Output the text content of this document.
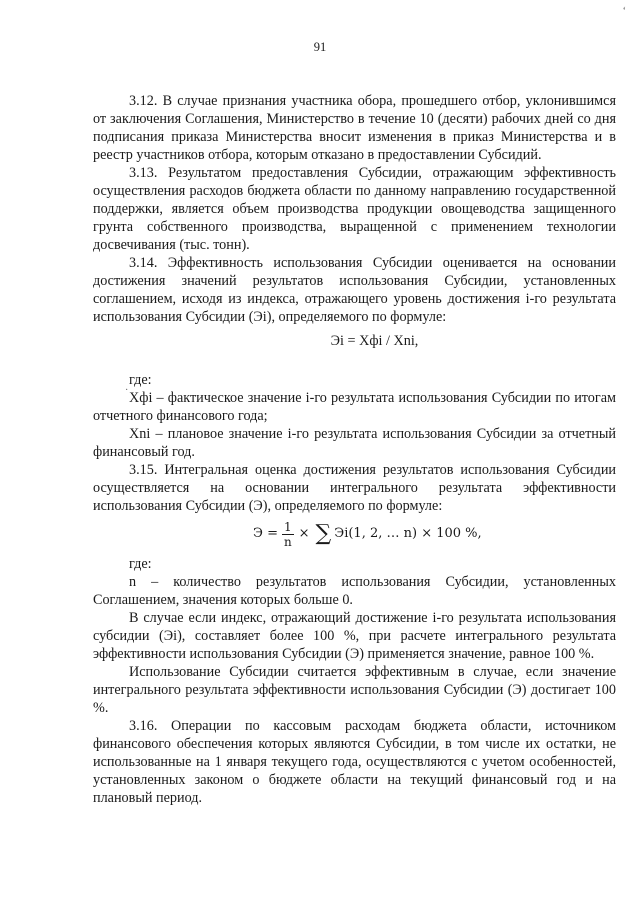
‘
91
·

3.12. В случае признания участника обора, прошедшего отбор, уклонившимся от заключения Соглашения, Министерство в течение 10 (десяти) рабочих дней со дня подписания приказа Министерства вносит изменения в приказ Министерства и в реестр участников отбора, которым отказано в предоставлении Субсидий.

3.13. Результатом предоставления Субсидии, отражающим эффективность осуществления расходов бюджета области по данному направлению государственной поддержки, является объем производства продукции овощеводства защищенного грунта собственного производства, выращенной с применением технологии досвечивания (тыс. тонн).

3.14. Эффективность использования Субсидии оценивается на основании достижения значений результатов использования Субсидии, установленных соглашением, исходя из индекса, отражающего уровень достижения i-го результата использования Субсидии (Эi), определяемого по формуле:

Эi = Хфi / Хni,

где:

Хфi – фактическое значение i-го результата использования Субсидии по итогам отчетного финансового года;

Хni – плановое значение i-го результата использования Субсидии за отчетный финансовый год.

3.15. Интегральная оценка достижения результатов использования Субсидии осуществляется на основании интегрального результата эффективности использования Субсидии (Э), определяемого по формуле:

$Э = \frac{1}{n}$ × ∑ Эi(1, 2, … n) × 100 %,

где:

n – количество результатов использования Субсидии, установленных Соглашением, значения которых больше 0.

В случае если индекс, отражающий достижение i-го результата использования субсидии (Эi), составляет более 100 %, при расчете интегрального результата эффективности использования Субсидии (Э) применяется значение, равное 100 %.

Использование Субсидии считается эффективным в случае, если значение интегрального результата эффективности использования Субсидии (Э) достигает 100 %.

3.16. Операции по кассовым расходам бюджета области, источником финансового обеспечения которых являются Субсидии, в том числе их остатки, не использованные на 1 января текущего года, осуществляются с учетом особенностей, установленных законом о бюджете области на текущий финансовый год и на плановый период.
